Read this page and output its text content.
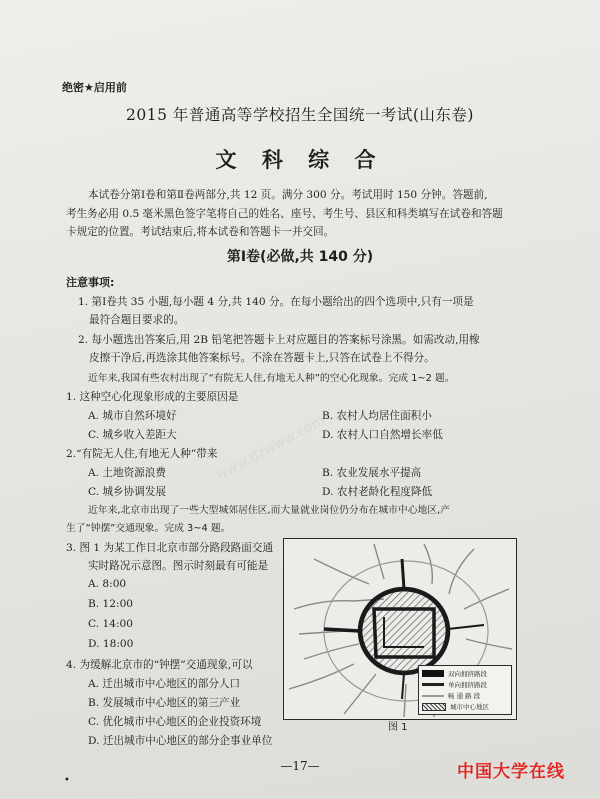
www.dzwww.com
绝密★启用前
2015 年普通高等学校招生全国统一考试(山东卷)
文 科 综 合
本试卷分第Ⅰ卷和第Ⅱ卷两部分,共 12 页。满分 300 分。考试用时 150 分钟。答题前,
考生务必用 0.5 毫米黑色签字笔将自己的姓名、座号、考生号、县区和科类填写在试卷和答题
卡规定的位置。考试结束后,将本试卷和答题卡一并交回。
第Ⅰ卷(必做,共 140 分)
注意事项:
1. 第Ⅰ卷共 35 小题,每小题 4 分,共 140 分。在每小题给出的四个选项中,只有一项是
最符合题目要求的。
2. 每小题选出答案后,用 2B 铅笔把答题卡上对应题目的答案标号涂黑。如需改动,用橡
皮擦干净后,再选涂其他答案标号。不涂在答题卡上,只答在试卷上不得分。
近年来,我国有些农村出现了“有院无人住,有地无人种”的空心化现象。完成 1~2 题。
1. 这种空心化现象形成的主要原因是
A. 城市自然环境好	B. 农村人均居住面积小
C. 城乡收入差距大	D. 农村人口自然增长率低
2.“有院无人住,有地无人种”带来
A. 土地资源浪费	B. 农业发展水平提高
C. 城乡协调发展	D. 农村老龄化程度降低
近年来,北京市出现了一些大型城郊居住区,而大量就业岗位仍分布在城市中心地区,产
生了“钟摆”交通现象。完成 3~4 题。
3. 图 1 为某工作日北京市部分路段路面交通
实时路况示意图。图示时刻最有可能是
A. 8:00
B. 12:00
C. 14:00
D. 18:00
4. 为缓解北京市的“钟摆”交通现象,可以
A. 迁出城市中心地区的部分人口
B. 发展城市中心地区的第三产业
C. 优化城市中心地区的企业投资环境
D. 迁出城市中心地区的部分企事业单位
双向拥挤路段
单向拥挤路段
畅 通 路 段
城市中心地区
图 1
•
—17—	中国大学在线
